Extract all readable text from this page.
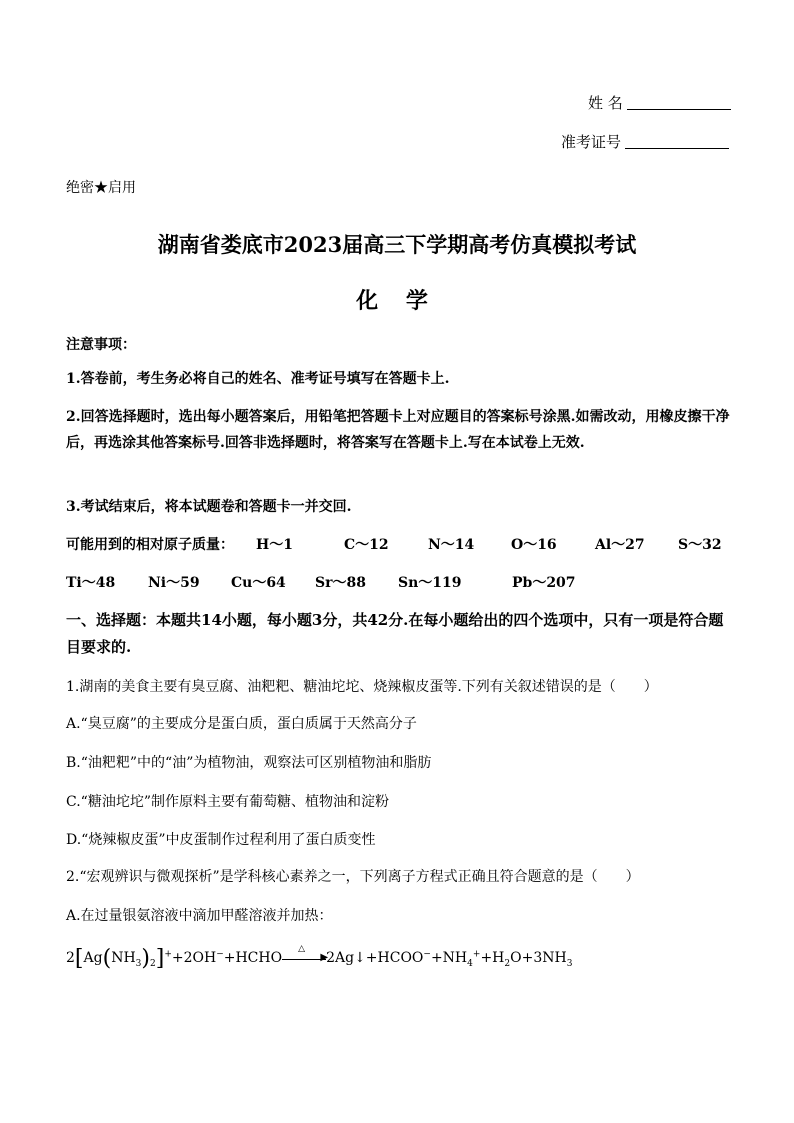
姓 名
准考证号
绝密★启用
湖南省娄底市2023届高三下学期高考仿真模拟考试
化 学
注意事项：
1.答卷前，考生务必将自己的姓名、准考证号填写在答题卡上.
2.回答选择题时，选出每小题答案后，用铅笔把答题卡上对应题目的答案标号涂黑.如需改动，用橡皮擦干净后，再选涂其他答案标号.回答非选择题时，将答案写在答题卡上.写在本试卷上无效.
3.考试结束后，将本试题卷和答题卡一并交回.
可能用到的相对原子质量： H～1	C～12	N～14	O～16	Al～27 S～32
Ti～48 Ni～59 Cu～64 Sr～88 Sn～119	Pb～207
一、选择题：本题共14小题，每小题3分，共42分.在每小题给出的四个选项中，只有一项是符合题目要求的.
1.湖南的美食主要有臭豆腐、油粑粑、糖油坨坨、烧辣椒皮蛋等.下列有关叙述错误的是（　　）
A.“臭豆腐”的主要成分是蛋白质，蛋白质属于天然高分子
B.“油粑粑”中的“油”为植物油，观察法可区别植物油和脂肪
C.“糖油坨坨”制作原料主要有葡萄糖、植物油和淀粉
D.“烧辣椒皮蛋”中皮蛋制作过程利用了蛋白质变性
2.“宏观辨识与微观探析”是学科核心素养之一，下列离子方程式正确且符合题意的是（　　）
A.在过量银氨溶液中滴加甲醛溶液并加热：
$2[Ag(NH_3)_2]^++2OH^-+HCHO$
△
▶
$2Ag↓+HCOO^-+NH_4^++H_2O+3NH_3$
